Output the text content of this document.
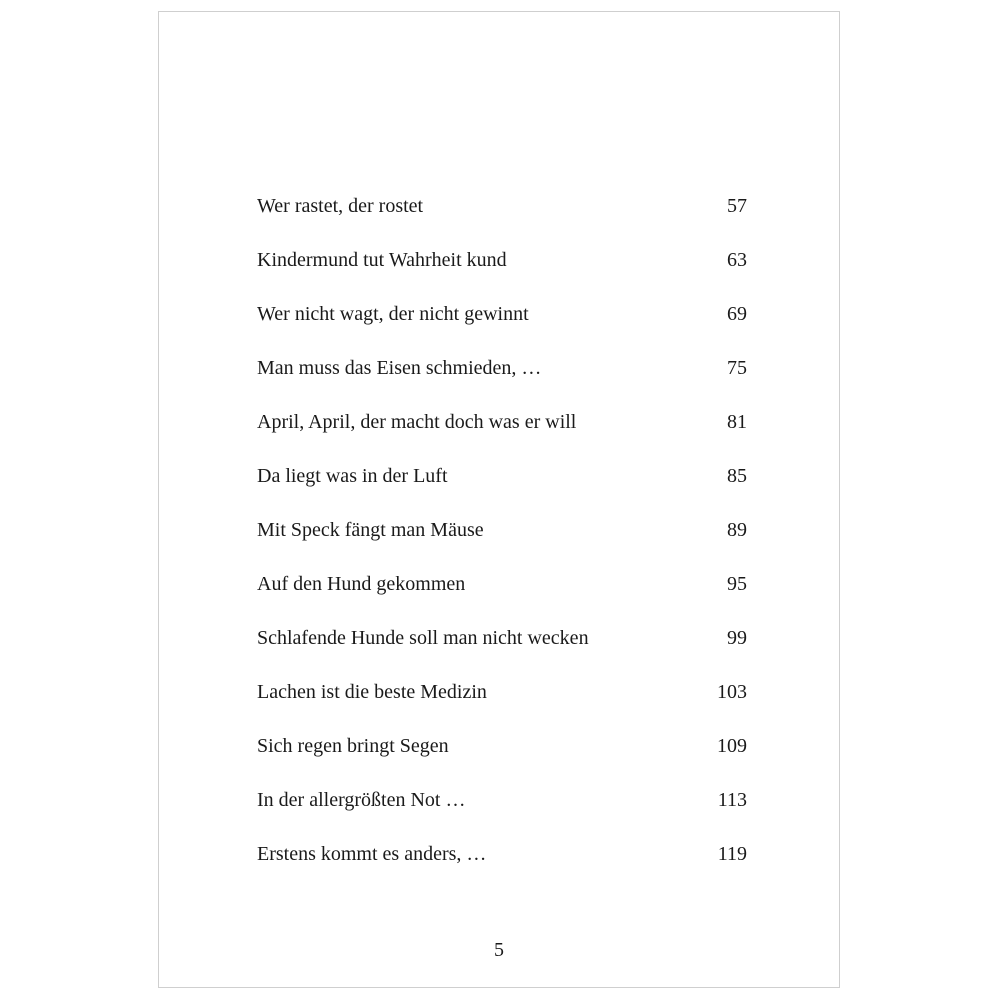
Wer rastet, der rostet	57
Kindermund tut Wahrheit kund	63
Wer nicht wagt, der nicht gewinnt	69
Man muss das Eisen schmieden, …	75
April, April, der macht doch was er will	81
Da liegt was in der Luft	85
Mit Speck fängt man Mäuse	89
Auf den Hund gekommen	95
Schlafende Hunde soll man nicht wecken	99
Lachen ist die beste Medizin	103
Sich regen bringt Segen	109
In der allergrößten Not …	113
Erstens kommt es anders, …	119
5
